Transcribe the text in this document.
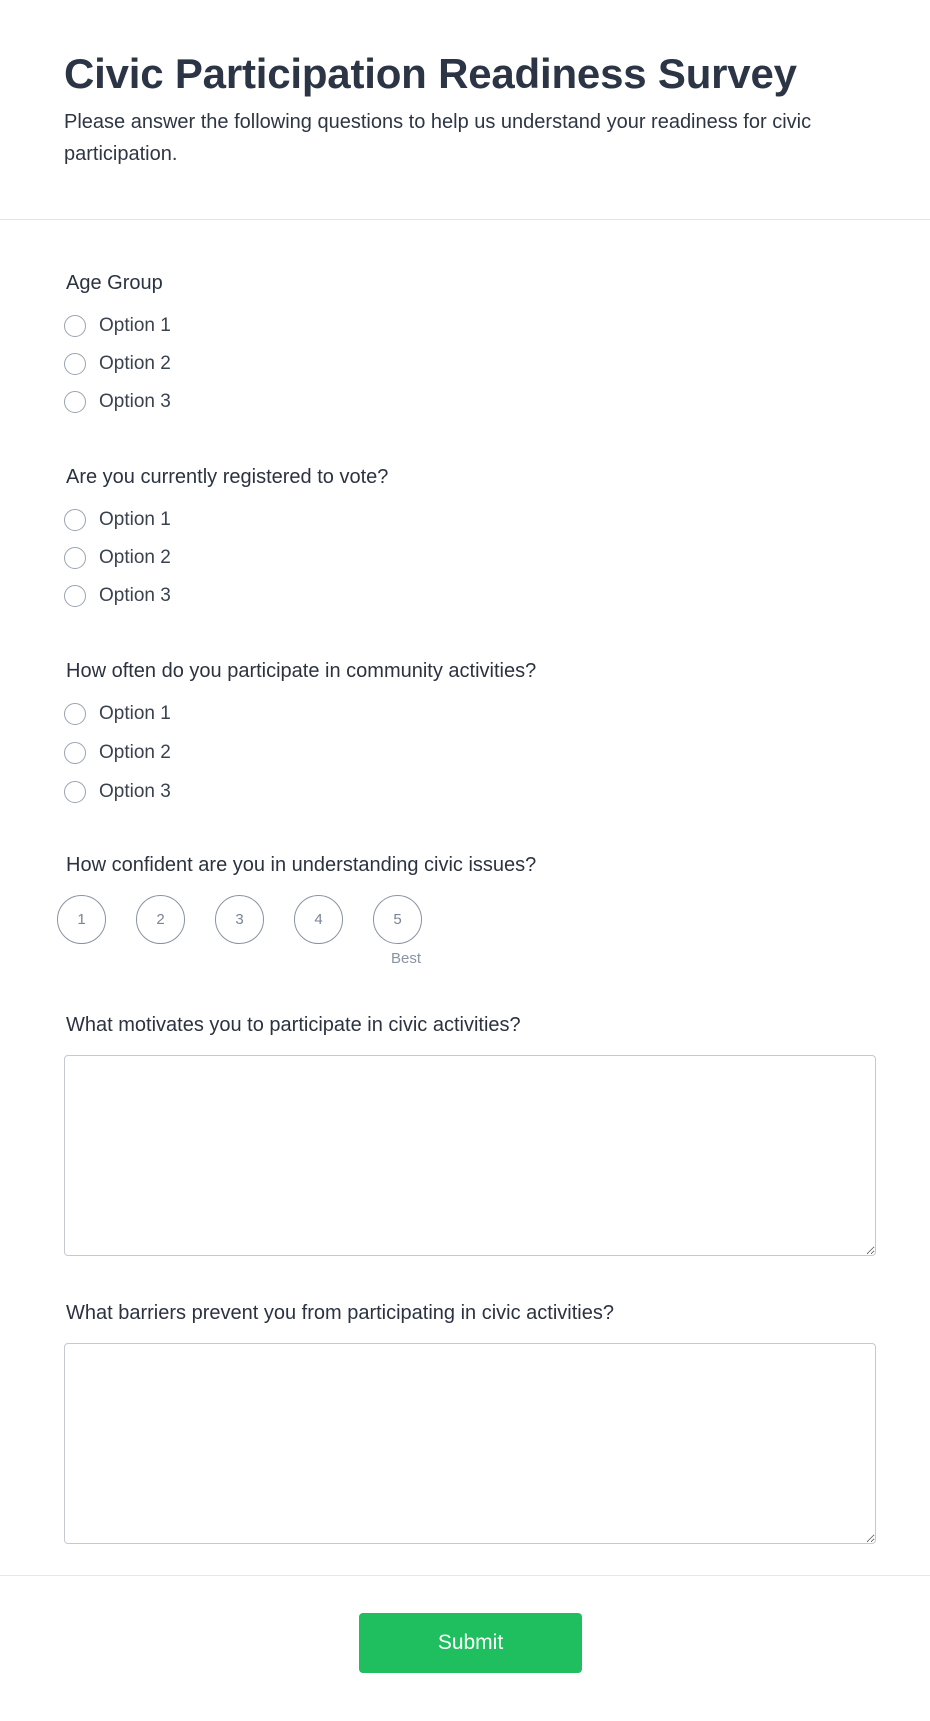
Civic Participation Readiness Survey

Please answer the following questions to help us understand your readiness for civic participation.

Age Group
Option 1
Option 2
Option 3
Are you currently registered to vote?
Option 1
Option 2
Option 3
How often do you participate in community activities?
Option 1
Option 2
Option 3
How confident are you in understanding civic issues?
1	2	3	4	5
Best
What motivates you to participate in civic activities?
What barriers prevent you from participating in civic activities?
Submit
